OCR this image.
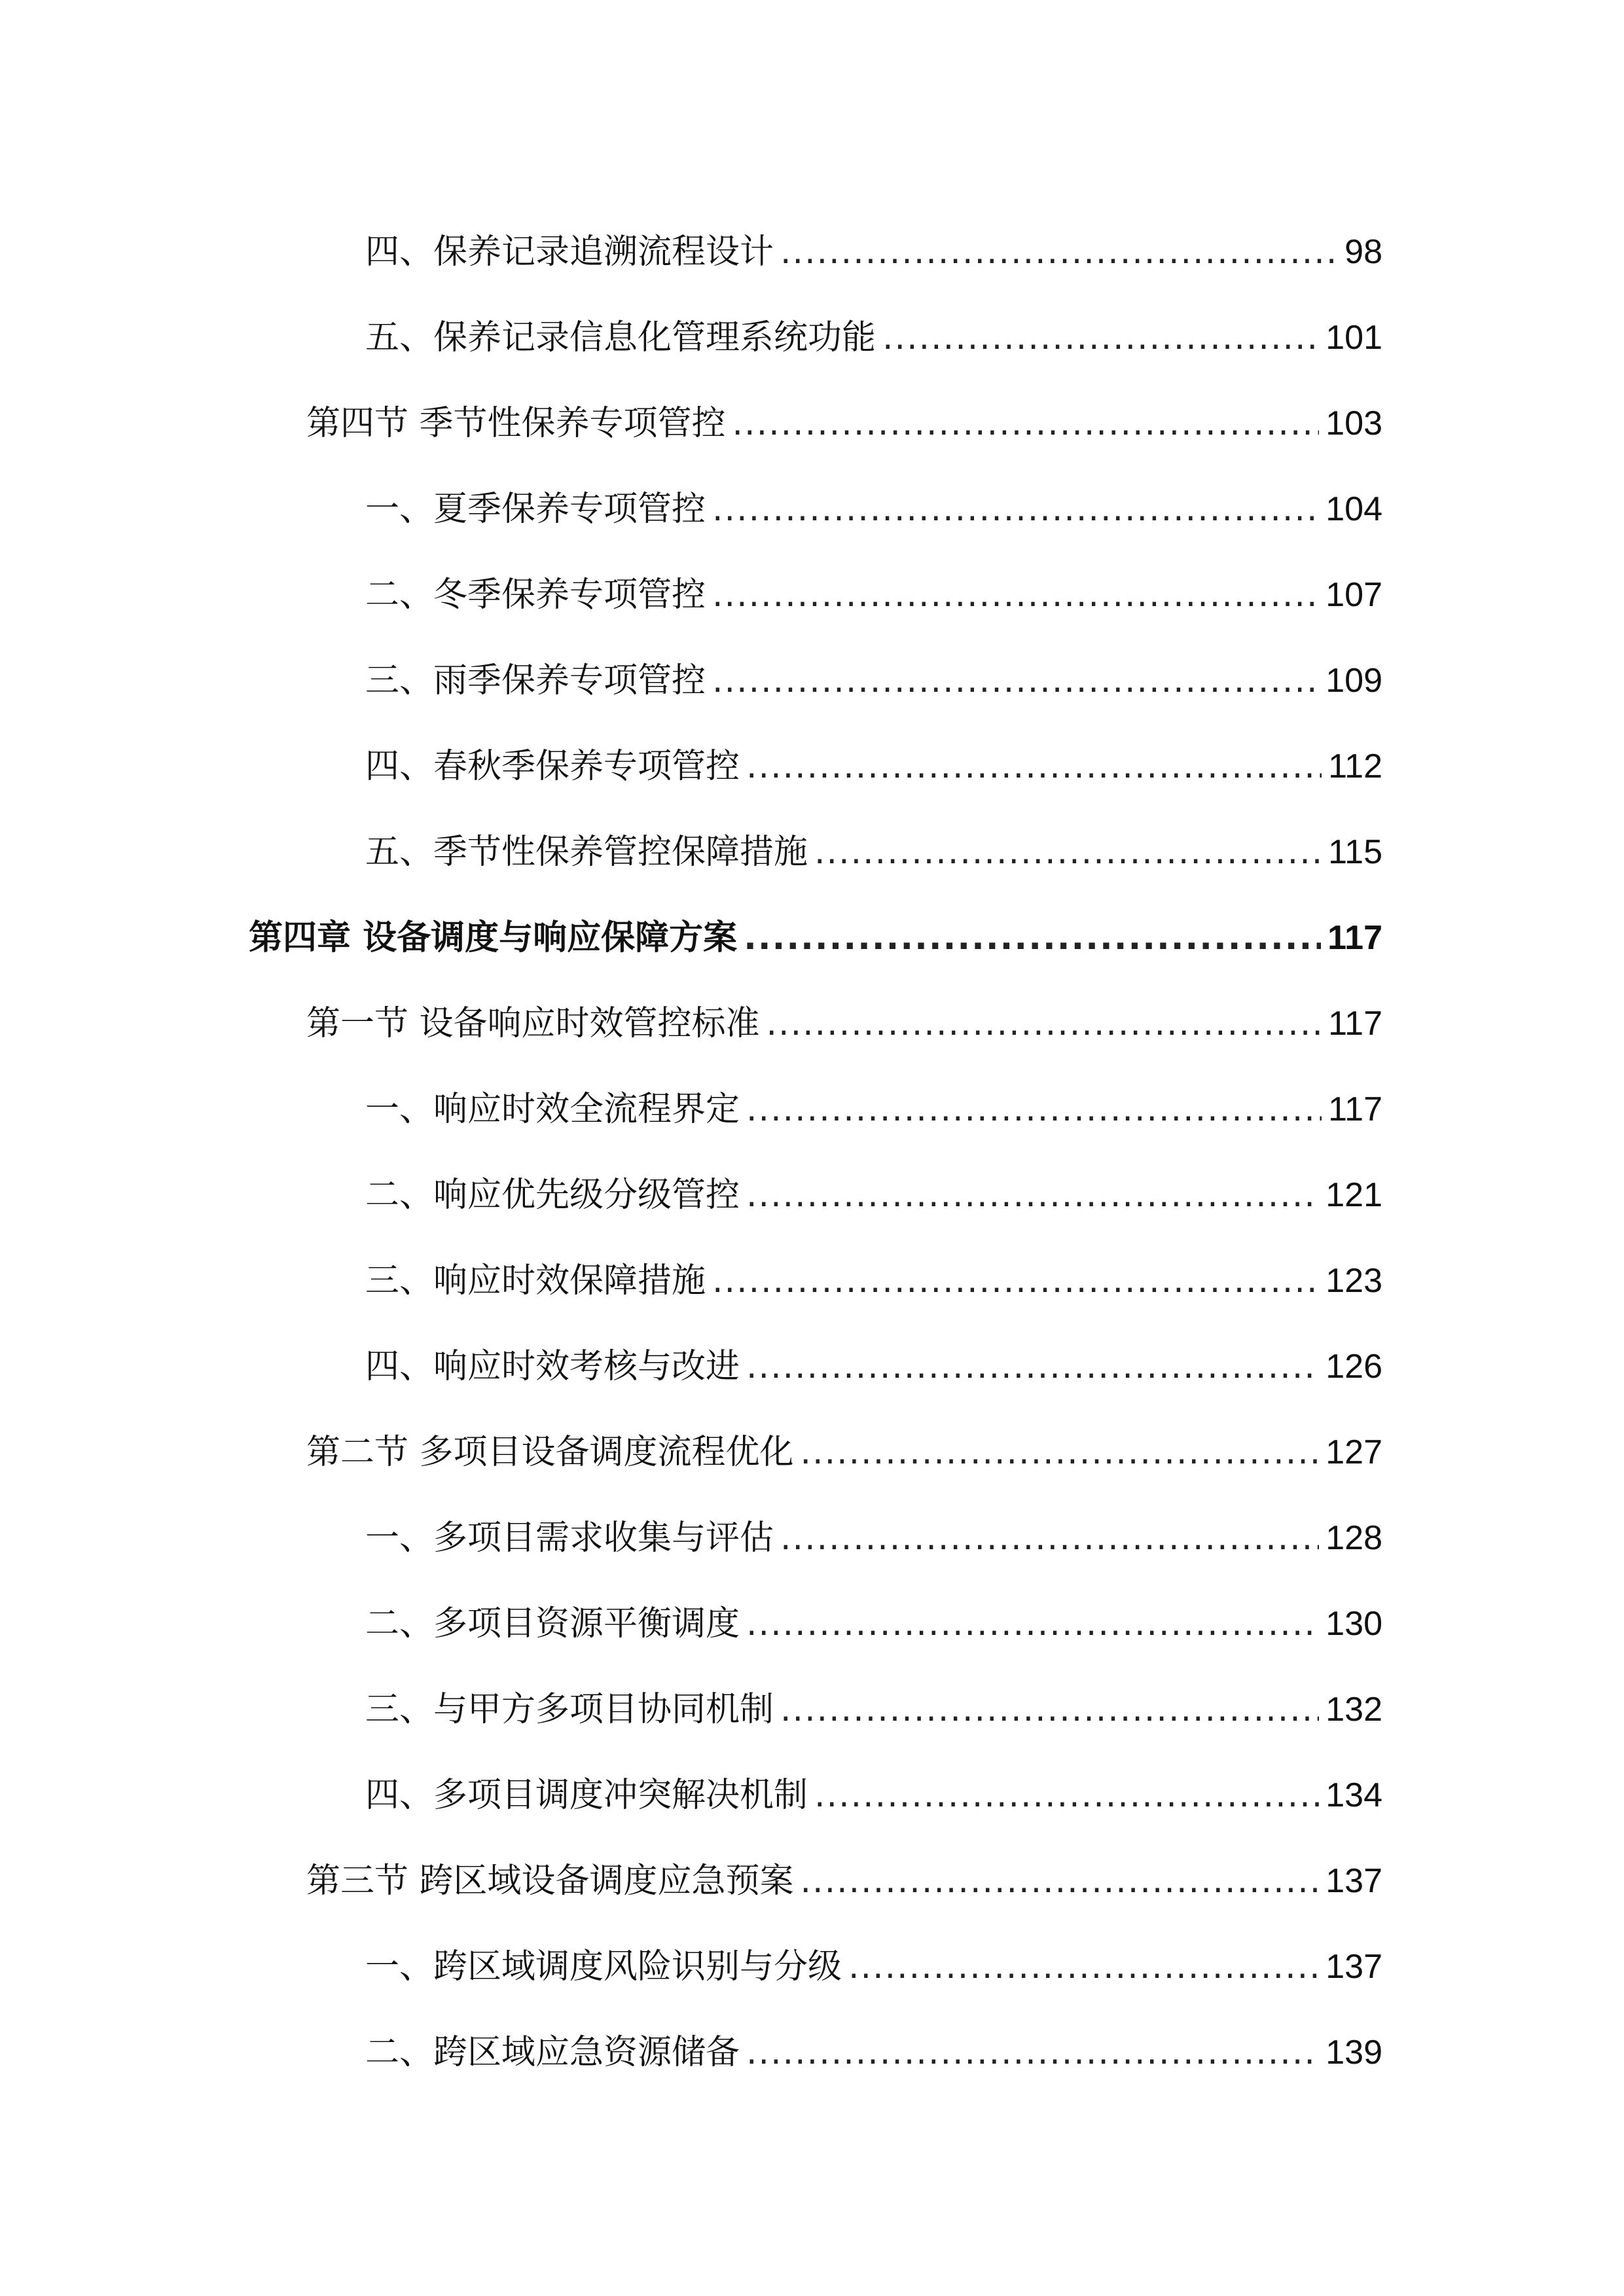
四、保养记录追溯流程设计 .....	98
五、保养记录信息化管理系统功能 .....	101
第四节 季节性保养专项管控 .....	103
一、夏季保养专项管控 .....	104
二、冬季保养专项管控 .....	107
三、雨季保养专项管控 .....	109
四、春秋季保养专项管控 .....	112
五、季节性保养管控保障措施 .....	115
第四章 设备调度与响应保障方案 .....	117
第一节 设备响应时效管控标准 .....	117
一、响应时效全流程界定 .....	117
二、响应优先级分级管控 .....	121
三、响应时效保障措施 .....	123
四、响应时效考核与改进 .....	126
第二节 多项目设备调度流程优化 .....	127
一、多项目需求收集与评估 .....	128
二、多项目资源平衡调度 .....	130
三、与甲方多项目协同机制 .....	132
四、多项目调度冲突解决机制 .....	134
第三节 跨区域设备调度应急预案 .....	137
一、跨区域调度风险识别与分级 .....	137
二、跨区域应急资源储备 .....	139
